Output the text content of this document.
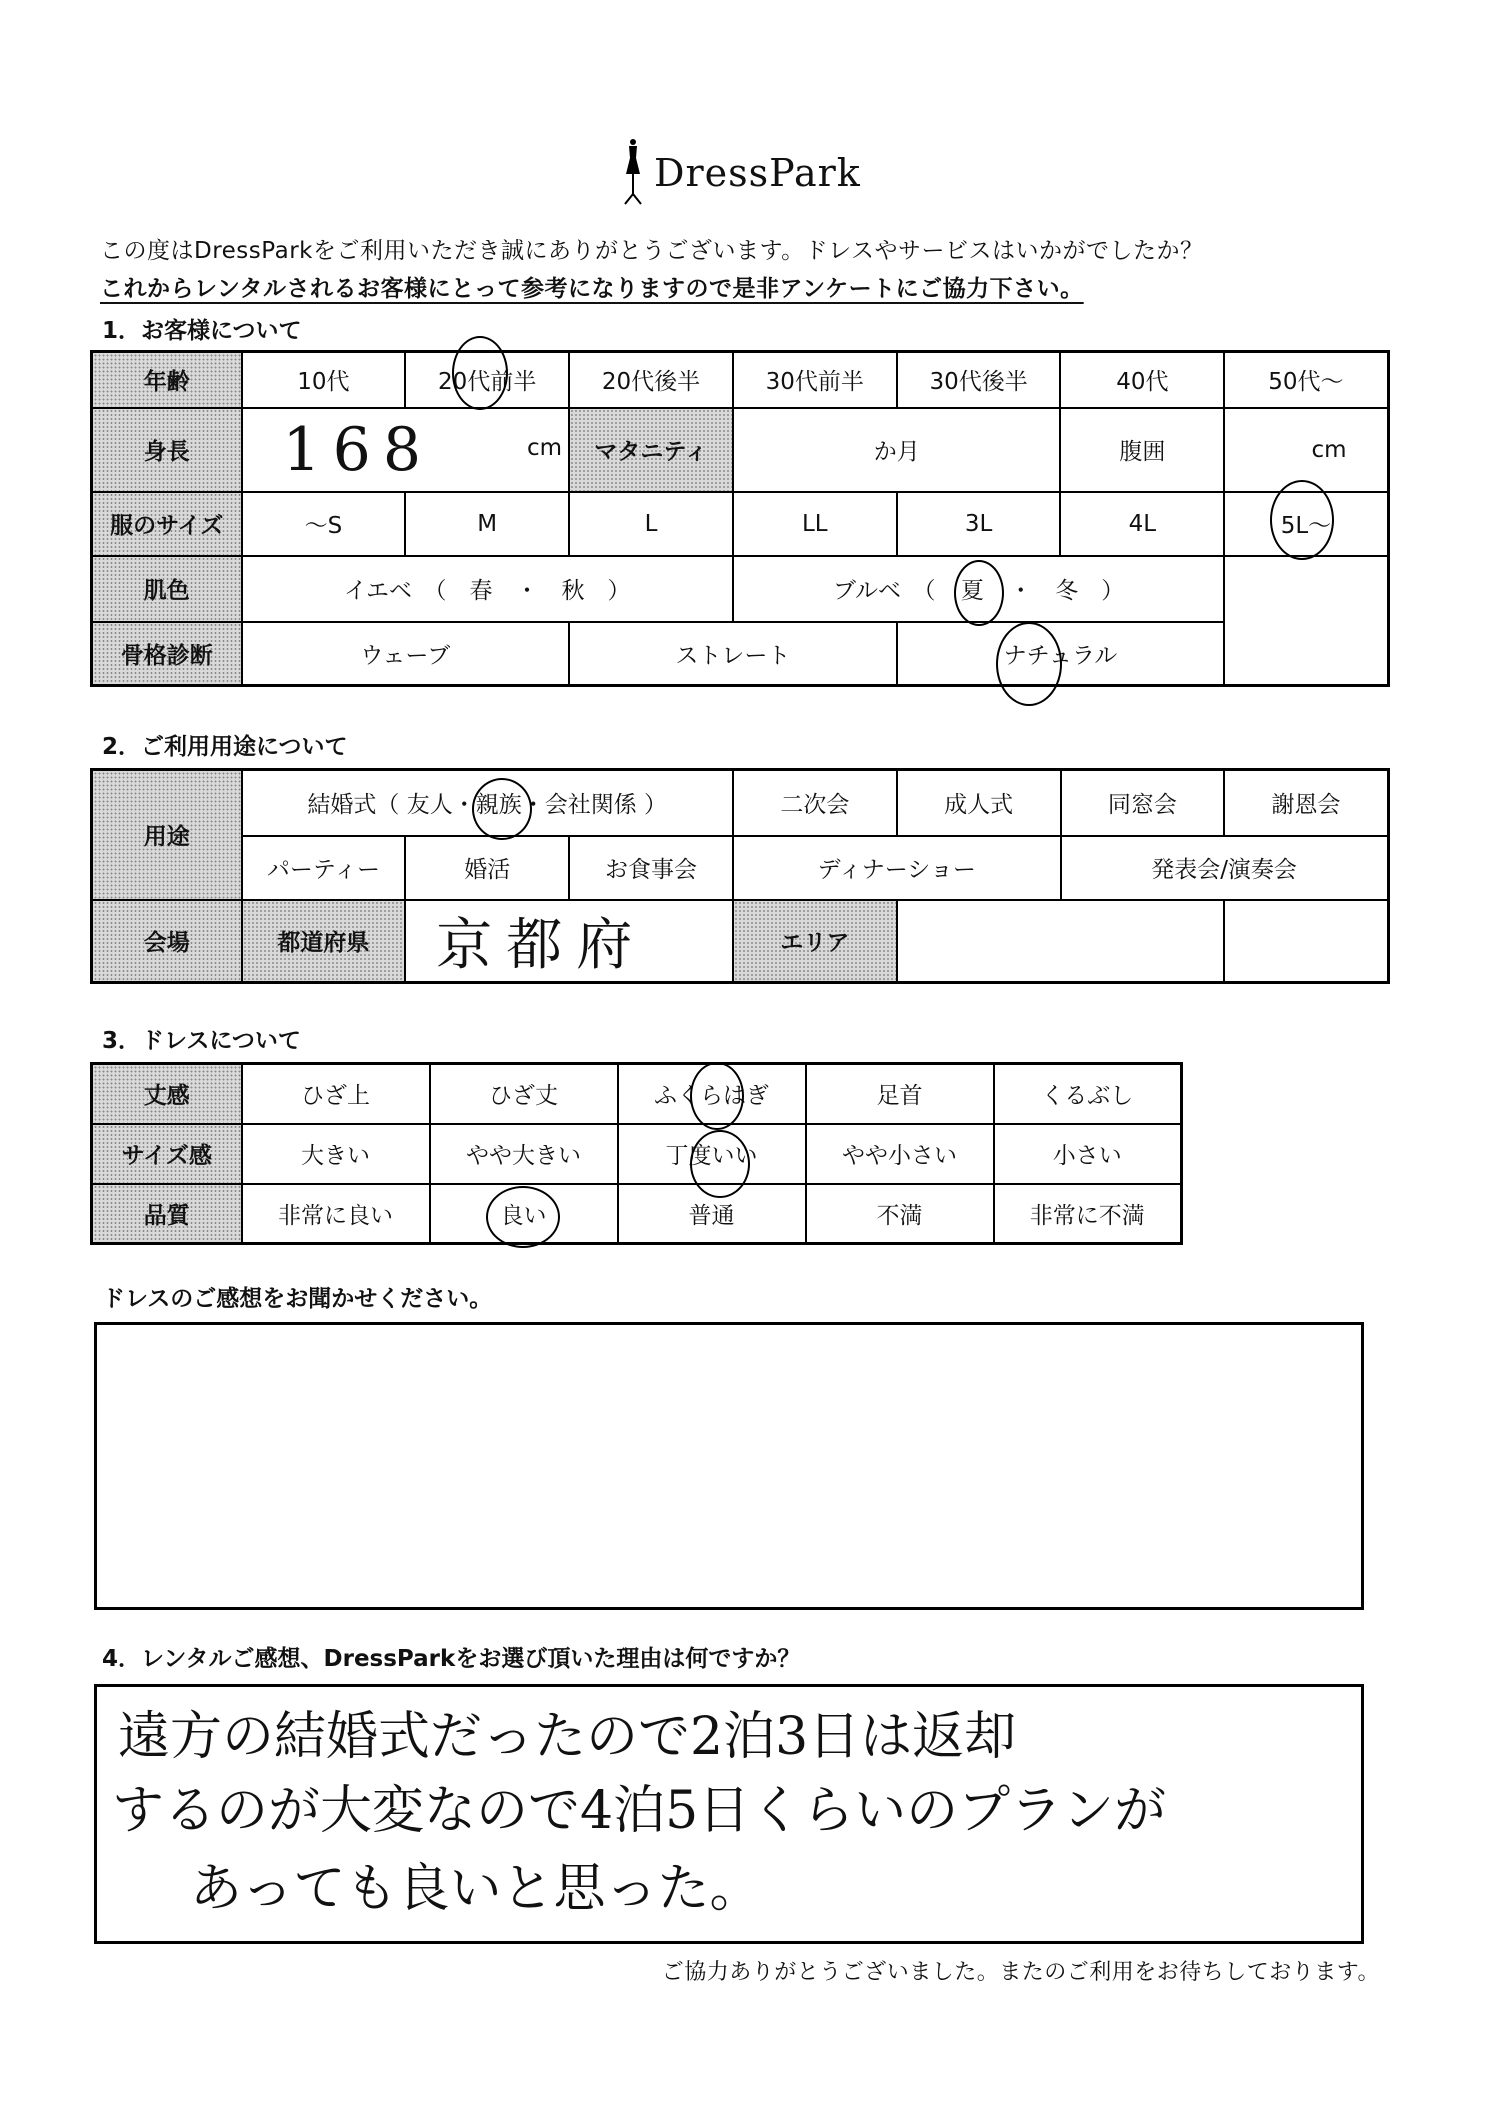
DressPark
この度はDressParkをご利用いただき誠にありがとうございます。ドレスやサービスはいかがでしたか？
これからレンタルされるお客様にとって参考になりますので是非アンケートにご協力下さい。
1．お客様について
年齢	10代	20代前半	20代後半	30代前半	30代後半	40代	50代～
身長	168 cm		マタニティ	か月		腹囲	cm
服のサイズ	～S	M	L	LL	3L	4L	5L～
肌色	イエベ　（　春　・　秋　）			ブルベ　（ 夏 ・　冬　）			
骨格診断	ウェーブ		ストレート		ナチュラル		
2．ご利用用途について
用途	結婚式（ 友人・親族・会社関係 ）			二次会	成人式	同窓会	謝恩会
	パーティー	婚活	お食事会	ディナーショー		発表会/演奏会	
会場	都道府県	京都府		エリア			
3．ドレスについて
丈感	ひざ上	ひざ丈	ふくらはぎ	足首	くるぶし
サイズ感	大きい	やや大きい	丁度いい	やや小さい	小さい
品質	非常に良い	良い	普通	不満	非常に不満
ドレスのご感想をお聞かせください。
4．レンタルご感想、DressParkをお選び頂いた理由は何ですか？
遠方の結婚式だったので2泊3日は返却
するのが大変なので4泊5日くらいのプランが
あっても良いと思った。
ご協力ありがとうございました。またのご利用をお待ちしております。
